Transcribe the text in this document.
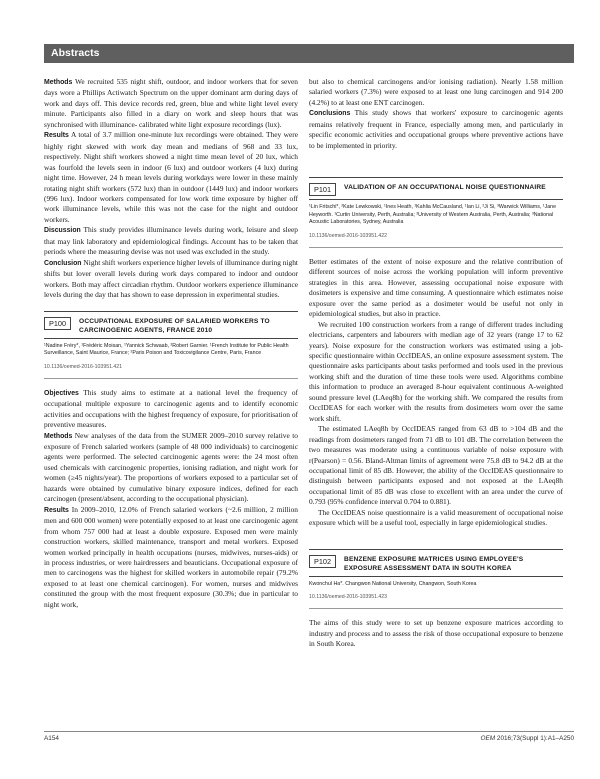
Abstracts

Methods We recruited 535 night shift, outdoor, and indoor workers that for seven days wore a Phillips Actiwatch Spectrum on the upper dominant arm during days of work and days off. This device records red, green, blue and white light level every minute. Participants also filled in a diary on work and sleep hours that was synchronised with illuminance- calibrated white light exposure recordings (lux).

Results A total of 3.7 million one-minute lux recordings were obtained. They were highly right skewed with work day mean and medians of 968 and 33 lux, respectively. Night shift workers showed a night time mean level of 20 lux, which was fourfold the levels seen in indoor (6 lux) and outdoor workers (4 lux) during night time. However, 24 h mean levels during workdays were lower in these mainly rotating night shift workers (572 lux) than in outdoor (1449 lux) and indoor workers (996 lux). Indoor workers compensated for low work time exposure by higher off work illuminance levels, while this was not the case for the night and outdoor workers.

Discussion This study provides illuminance levels during work, leisure and sleep that may link laboratory and epidemiological findings. Account has to be taken that periods where the measuring devise was not used was excluded in the study.

Conclusion Night shift workers experience higher levels of illuminance during night shifts but lover overall levels during work days compared to indoor and outdoor workers. Both may affect circadian rhythm. Outdoor workers experience illuminance levels during the day that has shown to ease depression in experimental studies.

P100	OCCUPATIONAL EXPOSURE OF SALARIED WORKERS TO CARCINOGENIC AGENTS, FRANCE 2010
¹Nadine Fréry*, ¹Frédéric Moisan, ¹Yannick Schwaab, ²Robert Garnier. ¹French Institute for Public Health Surveillance, Saint Maurice, France; ²Paris Poison and Toxicovigilance Centre, Paris, France
10.1136/oemed-2016-103951.421

Objectives This study aims to estimate at a national level the frequency of occupational multiple exposure to carcinogenic agents and to identify economic activities and occupations with the highest frequency of exposure, for prioritisation of preventive measures.

Methods New analyses of the data from the SUMER 2009–2010 survey relative to exposure of French salaried workers (sample of 48 000 individuals) to carcinogenic agents were performed. The selected carcinogenic agents were: the 24 most often used chemicals with carcinogenic properties, ionising radiation, and night work for women (≥45 nights/year). The proportions of workers exposed to a particular set of hazards were obtained by cumulative binary exposure indices, defined for each carcinogen (present/absent, according to the occupational physician).

Results In 2009–2010, 12.0% of French salaried workers (~2.6 million, 2 million men and 600 000 women) were potentially exposed to at least one carcinogenic agent from whom 757 000 had at least a double exposure. Exposed men were mainly construction workers, skilled maintenance, transport and metal workers. Exposed women worked principally in health occupations (nurses, midwives, nurses-aids) or in process industries, or were hairdressers and beauticians. Occupational exposure of men to carcinogens was the highest for skilled workers in automobile repair (79.2% exposed to at least one chemical carcinogen). For women, nurses and midwives constituted the group with the most frequent exposure (30.3%; due in particular to night work,

but also to chemical carcinogens and/or ionising radiation). Nearly 1.58 million salaried workers (7.3%) were exposed to at least one lung carcinogen and 914 200 (4.2%) to at least one ENT carcinogen.

Conclusions This study shows that workers' exposure to carcinogenic agents remains relatively frequent in France, especially among men, and particularly in specific economic activities and occupational groups where preventive actions have to be implemented in priority.

P101	VALIDATION OF AN OCCUPATIONAL NOISE QUESTIONNAIRE
¹Lin Fritschi*, ²Kate Lewkowski, ¹Ines Heath, ¹Kahlia McCausland, ¹Ian Li, ²Ji Si, ³Warwick Williams, ¹Jane Heyworth. ¹Curtin University, Perth, Australia; ²University of Western Australia, Perth, Australia; ³National Acoustic Laboratories, Sydney, Australia
10.1136/oemed-2016-103951.422

Better estimates of the extent of noise exposure and the relative contribution of different sources of noise across the working population will inform preventive strategies in this area. However, assessing occupational noise exposure with dosimeters is expensive and time consuming. A questionnaire which estimates noise exposure over the same period as a dosimeter would be useful not only in epidemiological studies, but also in practice.

We recruited 100 construction workers from a range of different trades including electricians, carpenters and labourers with median age of 32 years (range 17 to 62 years). Noise exposure for the construction workers was estimated using a job-specific questionnaire within OccIDEAS, an online exposure assessment system. The questionnaire asks participants about tasks performed and tools used in the previous working shift and the duration of time these tools were used. Algorithms combine this information to produce an averaged 8-hour equivalent continuous A-weighted sound pressure level (LAeq8h) for the working shift. We compared the results from OccIDEAS for each worker with the results from dosimeters worn over the same work shift.

The estimated LAeq8h by OccIDEAS ranged from 63 dB to >104 dB and the readings from dosimeters ranged from 71 dB to 101 dB. The correlation between the two measures was moderate using a continuous variable of noise exposure with r(Pearson) = 0.56. Bland-Altman limits of agreement were 75.8 dB to 94.2 dB at the occupational limit of 85 dB. However, the ability of the OccIDEAS questionnaire to distinguish between participants exposed and not exposed at the LAeq8h occupational limit of 85 dB was close to excellent with an area under the curve of 0.793 (95% confidence interval 0.704 to 0.881).

The OccIDEAS noise questionnaire is a valid measurement of occupational noise exposure which will be a useful tool, especially in large epidemiological studies.

P102	BENZENE EXPOSURE MATRICES USING EMPLOYEE'S EXPOSURE ASSESSMENT DATA IN SOUTH KOREA
Kwonchul Ha*. Changwon National University, Changwon, South Korea
10.1136/oemed-2016-103951.423

The aims of this study were to set up benzene exposure matrices according to industry and process and to assess the risk of those occupational exposure to benzene in South Korea.

A154	OEM 2016;73(Suppl 1):A1–A250
